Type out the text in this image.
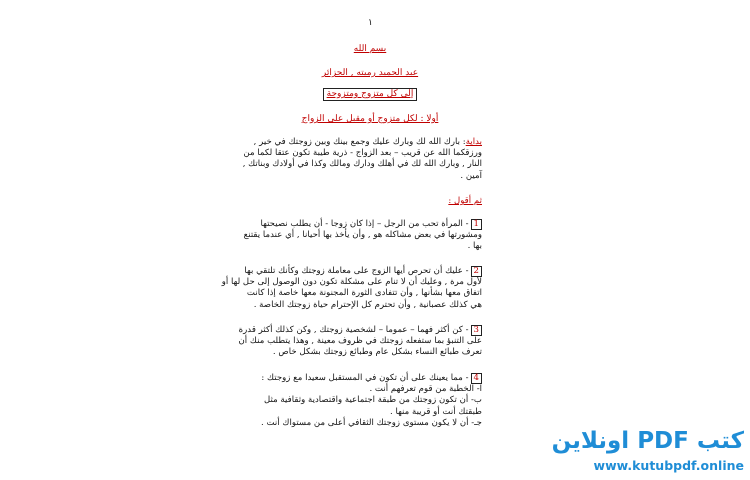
١
بسم الله
عبد الحميد رميته , الجزائر
إلى كل متزوج ومتزوجة
أولا : لكل متزوج أو مقبل على الزواج
بداية: بارك الله لك وبارك عليك وجمع بينك وبين زوجتك في خير ,
ورزقكما الله عن قريب – بعد الزواج - ذرية طيبة تكون عتقا لكما من
النار , وبارك الله لك في أهلك ودارك ومالك وكذا في أولادك وبناتك ,
آمين .
ثم أقول :
1- المرأة تحب من الرجل – إذا كان زوجا - أن يطلب نصيحتها
ومشورتها في بعض مشاكله هو , وأن يأخذ بها أحيانا , أي عندما يقتنع
بها .
2- عليك أن تحرص أيها الزوج على معاملة زوجتك وكأنك تلتقي بها
لأول مرة , وعليك أن لا تنام على مشكلة تكون دون الوصول إلى حل لها أو
اتفاق معها بشأنها , وأن تتفادى الثورة المجنونة معها خاصة إذا كانت
هي كذلك عصبانية , وأن تحترم كل الإحترام حياة زوجتك الخاصة .
3- كن أكثر فهما – عموما – لشخصية زوجتك , وكن كذلك أكثر قدرة
على التنبؤ بما ستفعله زوجتك في ظروف معينة , وهذا يتطلب منك أن
تعرف طبائع النساء بشكل عام وطبائع زوجتك بشكل خاص .
4- مما يعينك على أن تكون في المستقبل سعيدا مع زوجتك :
ا- الخطبة من قوم تعرفهم أنت .
ب- أن تكون زوجتك من طبقة اجتماعية واقتصادية وثقافية مثل
طبقتك أنت أو قريبة منها .
جـ- أن لا يكون مستوى زوجتك الثقافي أعلى من مستواك أنت .
كتب PDF اونلاين
www.kutubpdf.online
